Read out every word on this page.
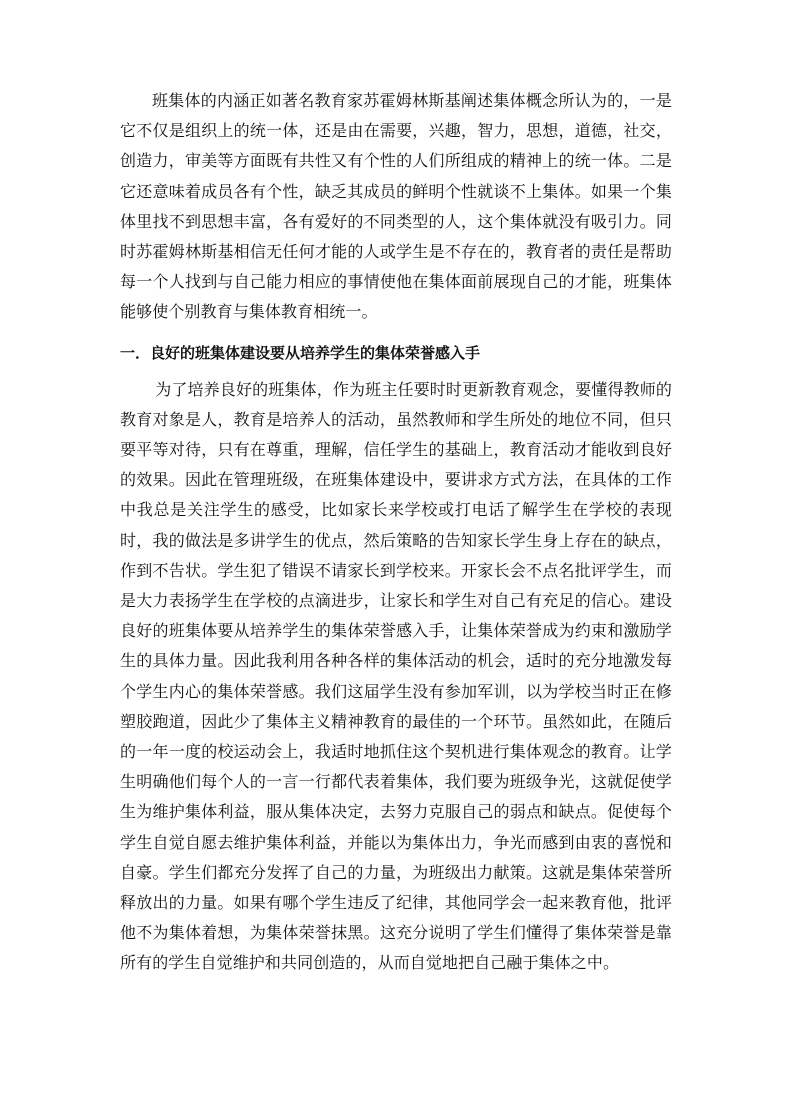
班集体的内涵正如著名教育家苏霍姆林斯基阐述集体概念所认为的，一是它不仅是组织上的统一体，还是由在需要，兴趣，智力，思想，道德，社交，创造力，审美等方面既有共性又有个性的人们所组成的精神上的统一体。二是它还意味着成员各有个性，缺乏其成员的鲜明个性就谈不上集体。如果一个集体里找不到思想丰富，各有爱好的不同类型的人，这个集体就没有吸引力。同时苏霍姆林斯基相信无任何才能的人或学生是不存在的，教育者的责任是帮助每一个人找到与自己能力相应的事情使他在集体面前展现自己的才能，班集体能够使个别教育与集体教育相统一。

一．良好的班集体建设要从培养学生的集体荣誉感入手

为了培养良好的班集体，作为班主任要时时更新教育观念，要懂得教师的教育对象是人，教育是培养人的活动，虽然教师和学生所处的地位不同，但只要平等对待，只有在尊重，理解，信任学生的基础上，教育活动才能收到良好的效果。因此在管理班级，在班集体建设中，要讲求方式方法，在具体的工作中我总是关注学生的感受，比如家长来学校或打电话了解学生在学校的表现时，我的做法是多讲学生的优点，然后策略的告知家长学生身上存在的缺点，作到不告状。学生犯了错误不请家长到学校来。开家长会不点名批评学生，而是大力表扬学生在学校的点滴进步，让家长和学生对自己有充足的信心。建设良好的班集体要从培养学生的集体荣誉感入手，让集体荣誉成为约束和激励学生的具体力量。因此我利用各种各样的集体活动的机会，适时的充分地激发每个学生内心的集体荣誉感。我们这届学生没有参加军训，以为学校当时正在修塑胶跑道，因此少了集体主义精神教育的最佳的一个环节。虽然如此，在随后的一年一度的校运动会上，我适时地抓住这个契机进行集体观念的教育。让学生明确他们每个人的一言一行都代表着集体，我们要为班级争光，这就促使学生为维护集体利益，服从集体决定，去努力克服自己的弱点和缺点。促使每个学生自觉自愿去维护集体利益，并能以为集体出力，争光而感到由衷的喜悦和自豪。学生们都充分发挥了自己的力量，为班级出力献策。这就是集体荣誉所释放出的力量。如果有哪个学生违反了纪律，其他同学会一起来教育他，批评他不为集体着想，为集体荣誉抹黑。这充分说明了学生们懂得了集体荣誉是靠所有的学生自觉维护和共同创造的，从而自觉地把自己融于集体之中。
